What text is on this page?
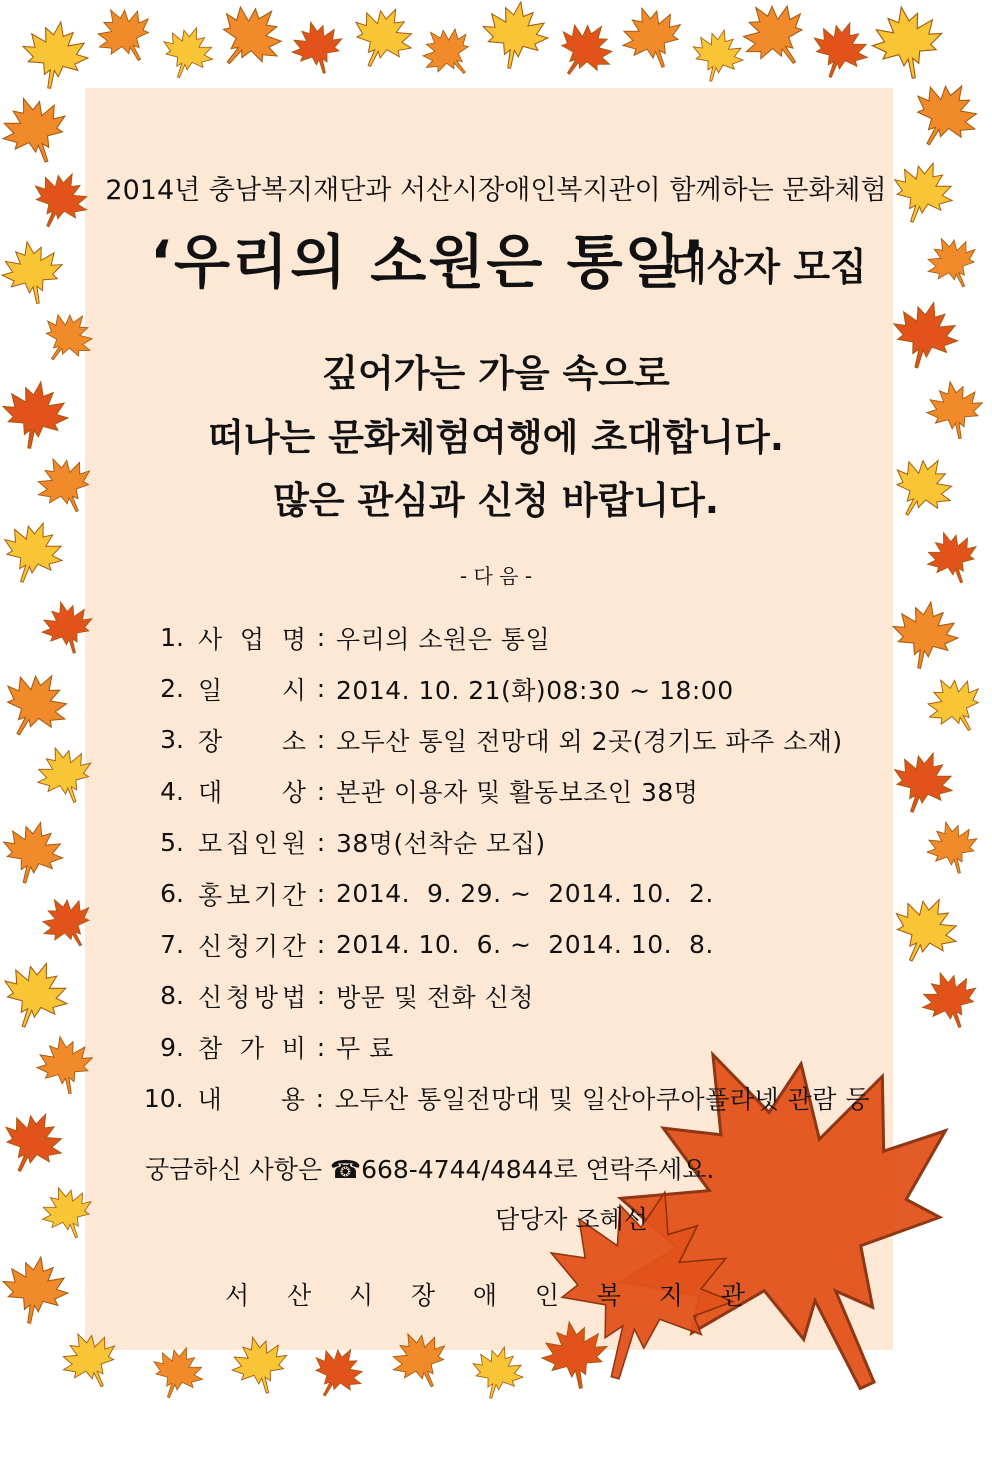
2014년 충남복지재단과 서산시장애인복지관이 함께하는 문화체험
‘우리의 소원은 통일’
대상자 모집
깊어가는 가을 속으로
떠나는 문화체험여행에 초대합니다.
많은 관심과 신청 바랍니다.
- 다 음 -
1. 사 업 명 : 우리의 소원은 통일
2. 일 시 : 2014. 10. 21(화)08:30 ~ 18:00
3. 장 소 : 오두산 통일 전망대 외 2곳(경기도 파주 소재)
4. 대 상 : 본관 이용자 및 활동보조인 38명
5. 모 집 인 원 : 38명(선착순 모집)
6. 홍 보 기 간 : 2014.  9. 29. ~  2014. 10.  2.
7. 신 청 기 간 : 2014. 10.  6. ~  2014. 10.  8.
8. 신 청 방 법 : 방문 및 전화 신청
9. 참 가 비 : 무 료
10. 내 용 : 오두산 통일전망대 및 일산아쿠아플라넷 관람 등
궁금하신 사항은 ☎668-4744/4844로 연락주세요.
담당자 조혜선
서 산 시 장 애 인 복 지 관
